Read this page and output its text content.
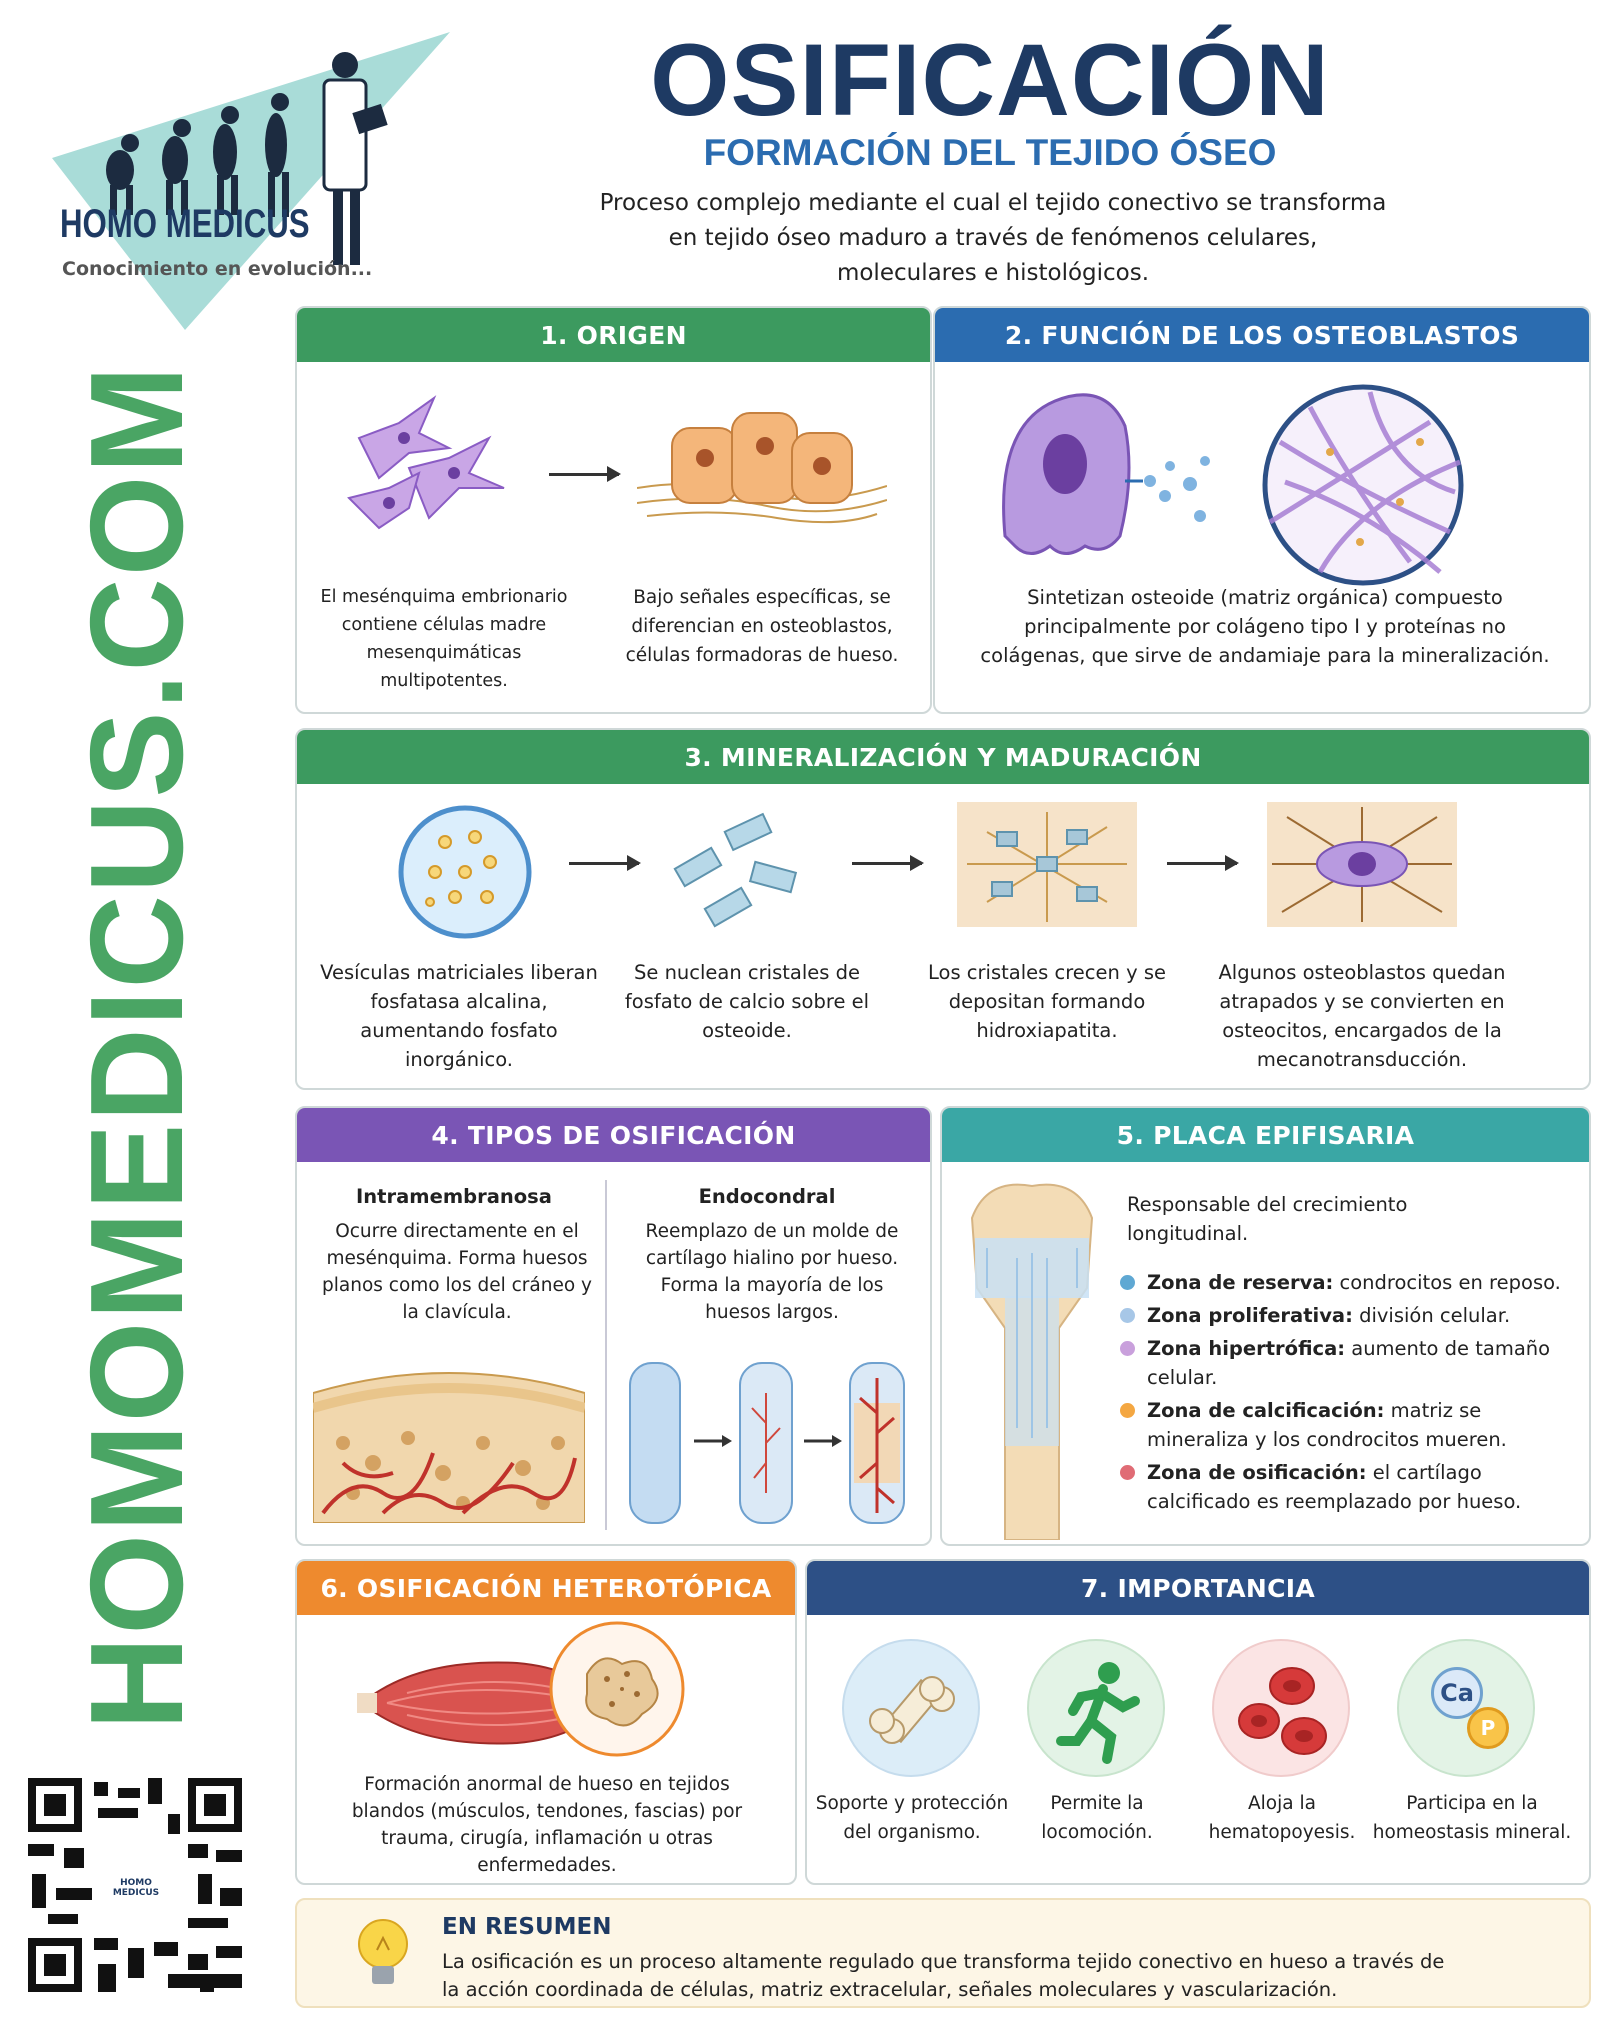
HOMO MEDICUS
Conocimiento en evolución...
HOMOMEDICUS.COM
HOMO MEDICUS
OSIFICACIÓN
FORMACIÓN DEL TEJIDO ÓSEO
Proceso complejo mediante el cual el tejido conectivo se transforma en tejido óseo maduro a través de fenómenos celulares, moleculares e histológicos.
1. ORIGEN
El mesénquima embrionario contiene células madre mesenquimáticas multipotentes.
Bajo señales específicas, se diferencian en osteoblastos, células formadoras de hueso.
2. FUNCIÓN DE LOS OSTEOBLASTOS
Sintetizan osteoide (matriz orgánica) compuesto principalmente por colágeno tipo I y proteínas no colágenas, que sirve de andamiaje para la mineralización.
3. MINERALIZACIÓN Y MADURACIÓN
Vesículas matriciales liberan fosfatasa alcalina, aumentando fosfato inorgánico.
Se nuclean cristales de fosfato de calcio sobre el osteoide.
Los cristales crecen y se depositan formando hidroxiapatita.
Algunos osteoblastos quedan atrapados y se convierten en osteocitos, encargados de la mecanotransducción.
4. TIPOS DE OSIFICACIÓN
Intramembranosa
Ocurre directamente en el mesénquima. Forma huesos planos como los del cráneo y la clavícula.
Endocondral
Reemplazo de un molde de cartílago hialino por hueso. Forma la mayoría de los huesos largos.
5. PLACA EPIFISARIA
Responsable del crecimiento longitudinal.
Zona de reserva: condrocitos en reposo.
Zona proliferativa: división celular.
Zona hipertrófica: aumento de tamaño celular.
Zona de calcificación: matriz se mineraliza y los condrocitos mueren.
Zona de osificación: el cartílago calcificado es reemplazado por hueso.
6. OSIFICACIÓN HETEROTÓPICA
Formación anormal de hueso en tejidos blandos (músculos, tendones, fascias) por trauma, cirugía, inflamación u otras enfermedades.
7. IMPORTANCIA
Ca
P
Soporte y protección del organismo.
Permite la locomoción.
Aloja la hematopoyesis.
Participa en la homeostasis mineral.
EN RESUMEN
La osificación es un proceso altamente regulado que transforma tejido conectivo en hueso a través de la acción coordinada de células, matriz extracelular, señales moleculares y vascularización.
